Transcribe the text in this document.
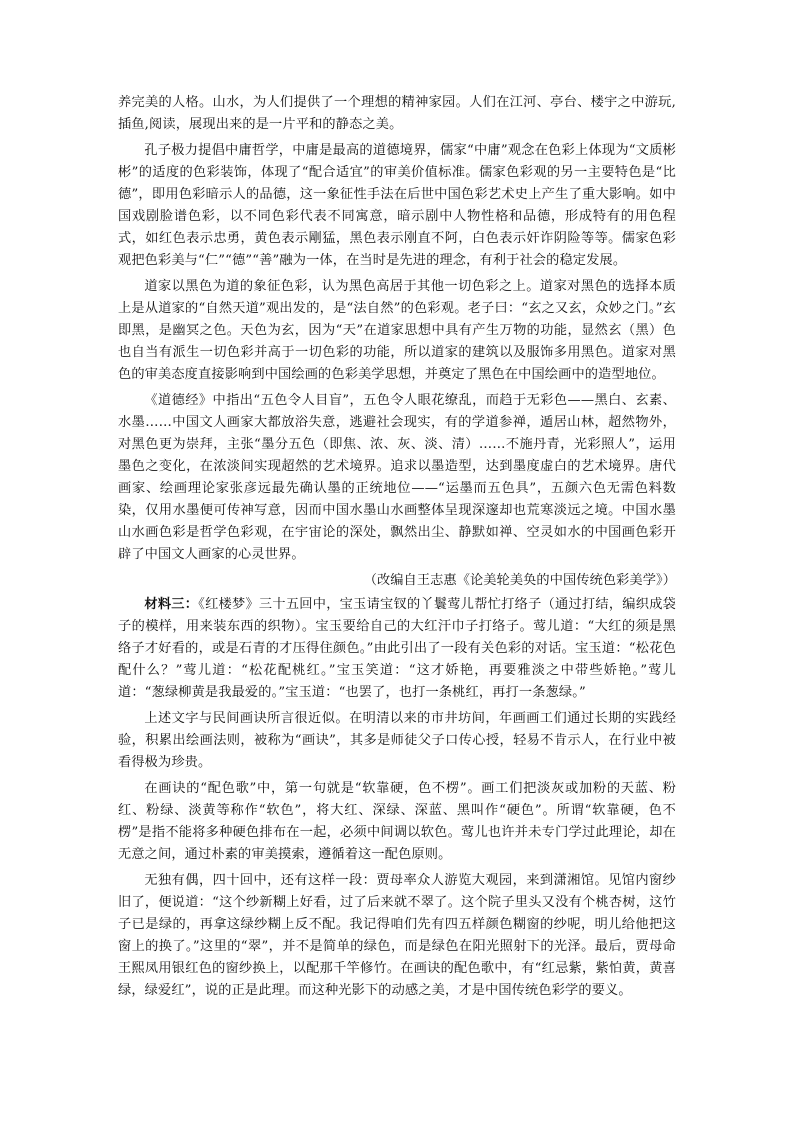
养完美的人格。山水，为人们提供了一个理想的精神家园。人们在江河、亭台、楼宇之中游玩,插鱼,阅读，展现出来的是一片平和的静态之美。

孔子极力提倡中庸哲学，中庸是最高的道德境界，儒家“中庸”观念在色彩上体现为“文质彬彬”的适度的色彩装饰，体现了“配合适宜”的审美价值标准。儒家色彩观的另一主要特色是“比德”，即用色彩暗示人的品德，这一象征性手法在后世中国色彩艺术史上产生了重大影响。如中国戏剧脸谱色彩，以不同色彩代表不同寓意，暗示剧中人物性格和品德，形成特有的用色程式，如红色表示忠勇，黄色表示剛猛，黑色表示刚直不阿，白色表示奸诈阴险等等。儒家色彩观把色彩美与“仁”“德”“善”融为一体，在当时是先进的理念，有利于社会的稳定发展。

道家以黑色为道的象征色彩，认为黑色高居于其他一切色彩之上。道家对黑色的选择本质上是从道家的“自然天道”观出发的，是“法自然”的色彩观。老子曰：“玄之又玄，众妙之门。”玄即黑，是幽冥之色。天色为玄，因为“天”在道家思想中具有产生万物的功能，显然玄（黑）色也自当有派生一切色彩并高于一切色彩的功能，所以道家的建筑以及服饰多用黑色。道家对黑色的审美态度直接影响到中国绘画的色彩美学思想，并奠定了黑色在中国绘画中的造型地位。

《道德经》中指出“五色令人目盲”，五色令人眼花缭乱，而趋于无彩色——黑白、玄素、水墨……中国文人画家大都放浴失意，逃避社会现实，有的学道参禅，遁居山林，超然物外，对黑色更为崇拜，主张“墨分五色（即焦、浓、灰、淡、清）……不施丹青，光彩照人”，运用墨色之变化，在浓淡间实现超然的艺术境界。追求以墨造型，达到墨度虚白的艺术境界。唐代画家、绘画理论家张彦远最先确认墨的正统地位——“运墨而五色具”，五颜六色无需色料数染，仅用水墨便可传神写意，因而中国水墨山水画整体呈现深邃却也荒寒淡远之境。中国水墨山水画色彩是哲学色彩观，在宇宙论的深处，飘然出尘、静默如禅、空灵如水的中国画色彩开辟了中国文人画家的心灵世界。

（改编自王志惠《论美轮美奂的中国传统色彩美学》）

材料三：《红楼梦》三十五回中，宝玉请宝钗的丫鬟莺儿帮忙打络子（通过打结，编织成袋子的模样，用来装东西的织物）。宝玉要给自己的大红汗巾子打络子。莺儿道：“大红的须是黑络子才好看的，或是石青的才压得住颜色。”由此引出了一段有关色彩的对话。宝玉道：“松花色配什么？”莺儿道：“松花配桃红。”宝玉笑道：“这才娇艳，再要雅淡之中带些娇艳。”莺儿道：“葱绿柳黄是我最爱的。”宝玉道：“也罢了，也打一条桃红，再打一条葱绿。”

上述文字与民间画诀所言很近似。在明清以来的市井坊间，年画画工们通过长期的实践经验，积累出绘画法则，被称为“画诀”，其多是师徒父子口传心授，轻易不肯示人，在行业中被看得极为珍贵。

在画诀的“配色歌”中，第一句就是“软靠硬，色不楞”。画工们把淡灰或加粉的天蓝、粉红、粉绿、淡黄等称作“软色”，将大红、深绿、深蓝、黑叫作“硬色”。所谓“软靠硬，色不楞”是指不能将多种硬色排布在一起，必须中间调以软色。莺儿也许并未专门学过此理论，却在无意之间，通过朴素的审美摸索，遵循着这一配色原则。

无独有偶，四十回中，还有这样一段：贾母率众人游览大观园，来到潇湘馆。见馆内窗纱旧了，便说道：“这个纱新糊上好看，过了后来就不翠了。这个院子里头又没有个桃杏树，这竹子已是绿的，再拿这绿纱糊上反不配。我记得咱们先有四五样颜色糊窗的纱呢，明儿给他把这窗上的换了。”这里的“翠”，并不是简单的绿色，而是绿色在阳光照射下的光泽。最后，贾母命王熙凤用银红色的窗纱换上，以配那千竿修竹。在画诀的配色歌中，有“红忌紫，紫怕黄，黄喜绿，绿爱红”，说的正是此理。而这种光影下的动感之美，才是中国传统色彩学的要义。
